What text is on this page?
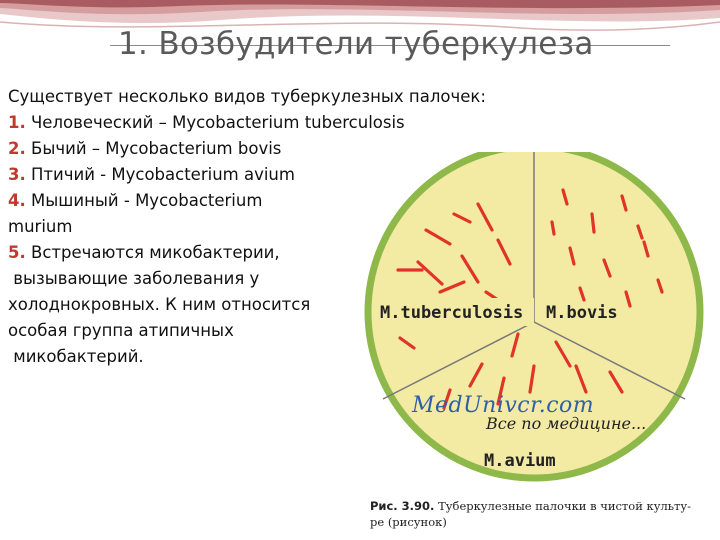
1. Возбудители туберкулеза

Существует несколько видов туберкулезных палочек:

1. Человеческий – Mycobacterium tuberculosis

2. Бычий – Mycobacterium bovis

3. Птичий - Mycobacterium avium

4. Мышиный - Mycobacterium

murium

5. Встречаются микобактерии,

вызывающие заболевания у

холоднокровных. К ним относится

особая группа атипичных

микобактерий.

M.tuberculosis M.bovis
M.avium
MedUnivcr.com
Все по медицине...
Рис. 3.90. Туберкулезные палочки в чистой культу-
ре (рисунок)
